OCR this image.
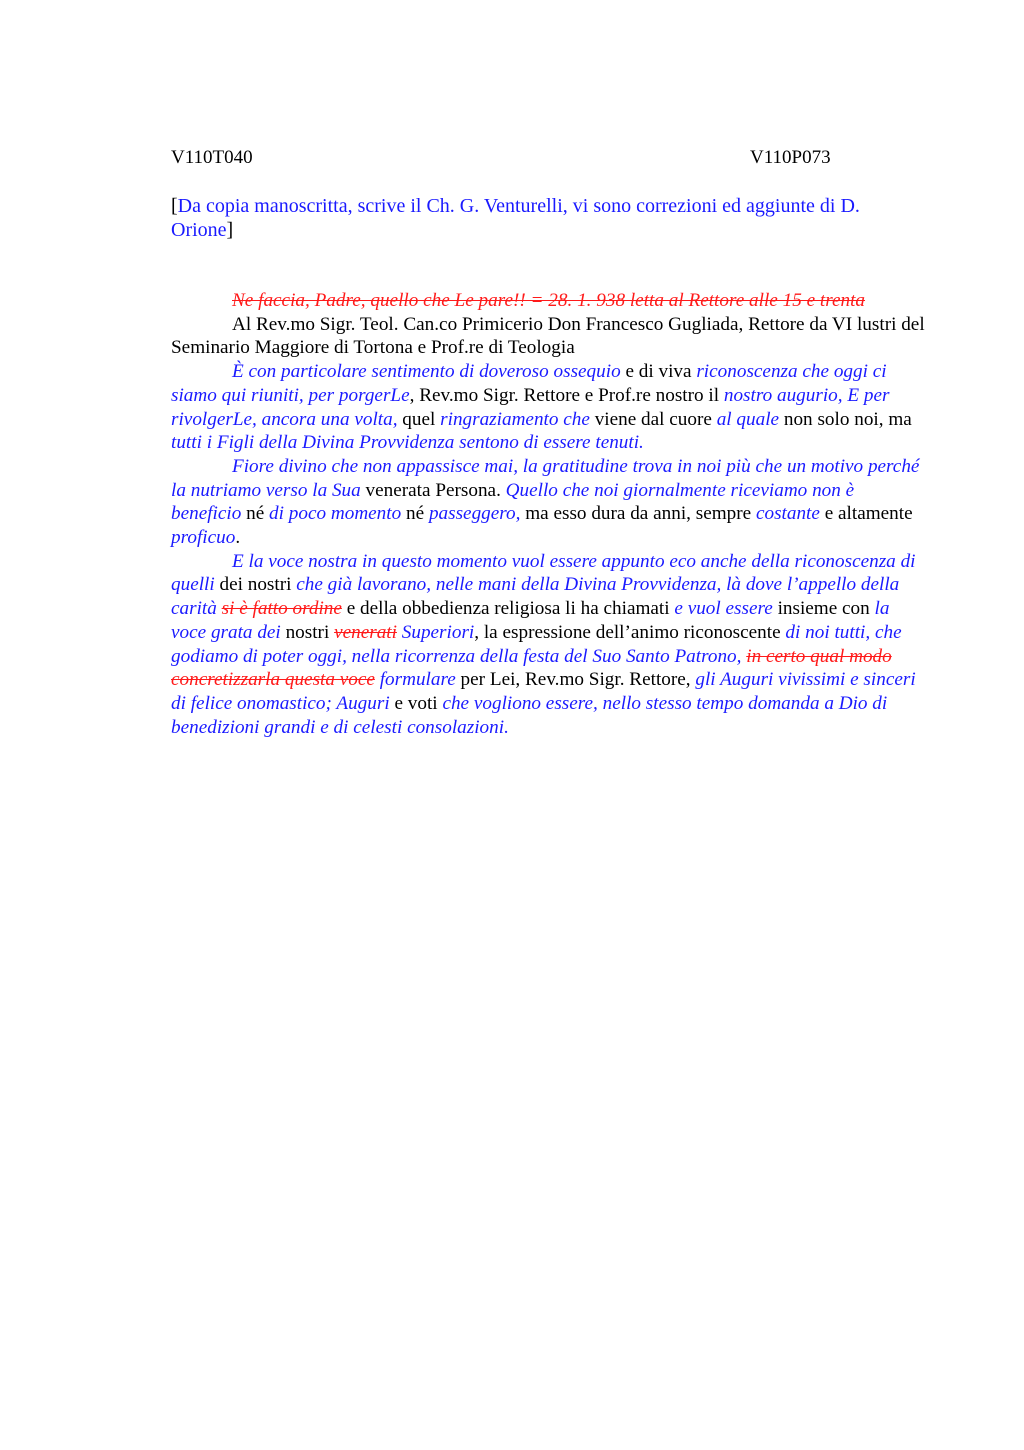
V110T040	V110P073
[Da copia manoscritta, scrive il Ch. G. Venturelli, vi sono correzioni ed aggiunte di D. Orione]

Ne faccia, Padre, quello che Le pare!! = 28. 1. 938 letta al Rettore alle 15 e trenta

Al Rev.mo Sigr. Teol. Can.co Primicerio Don Francesco Gugliada, Rettore da VI lustri del Seminario Maggiore di Tortona e Prof.re di Teologia

È con particolare sentimento di doveroso ossequio e di viva riconoscenza che oggi ci siamo qui riuniti, per porgerLe, Rev.mo Sigr. Rettore e Prof.re nostro il nostro augurio, E per rivolgerLe, ancora una volta, quel ringraziamento che viene dal cuore al quale non solo noi, ma tutti i Figli della Divina Provvidenza sentono di essere tenuti.

Fiore divino che non appassisce mai, la gratitudine trova in noi più che un motivo perché la nutriamo verso la Sua venerata Persona. Quello che noi giornalmente riceviamo non è beneficio né di poco momento né passeggero, ma esso dura da anni, sempre costante e altamente proficuo.

E la voce nostra in questo momento vuol essere appunto eco anche della riconoscenza di quelli dei nostri che già lavorano, nelle mani della Divina Provvidenza, là dove l’appello della carità si è fatto ordine e della obbedienza religiosa li ha chiamati e vuol essere insieme con la voce grata dei nostri venerati Superiori, la espressione dell’animo riconoscente di noi tutti, che godiamo di poter oggi, nella ricorrenza della festa del Suo Santo Patrono, in certo qual modo concretizzarla questa voce formulare per Lei, Rev.mo Sigr. Rettore, gli Auguri vivissimi e sinceri di felice onomastico; Auguri e voti che vogliono essere, nello stesso tempo domanda a Dio di benedizioni grandi e di celesti consolazioni.
